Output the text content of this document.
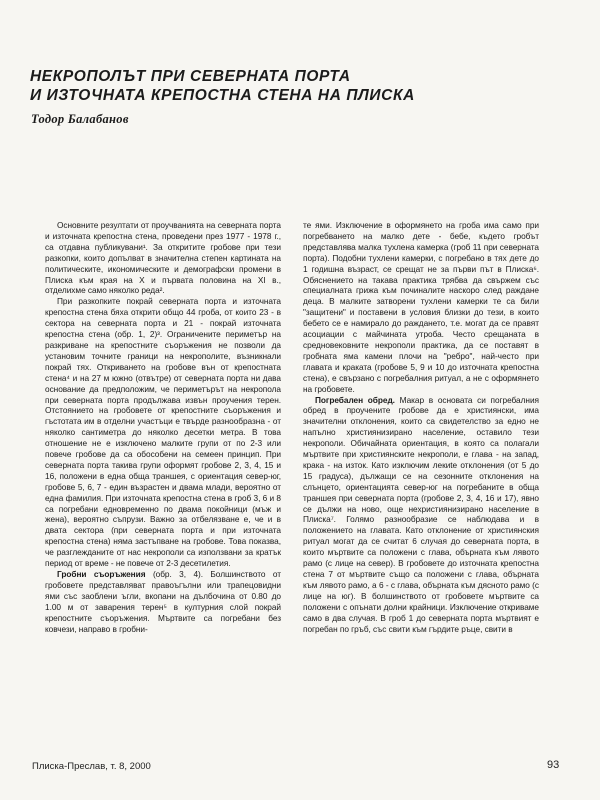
НЕКРОПОЛЪТ ПРИ СЕВЕРНАТА ПОРТА
И ИЗТОЧНАТА КРЕПОСТНА СТЕНА НА ПЛИСКА
Тодор Балабанов

Основните резултати от проучванията на северната порта и източната крепостна стена, проведени през 1977 - 1978 г., са отдавна публикувани¹. За откритите гробове при тези разкопки, които допълват в значителна степен картината на политическите, икономическите и демографски промени в Плиска към края на X и първата половина на XI в., отделихме само няколко реда².

При разкопките покрай северната порта и източната крепостна стена бяха открити общо 44 гроба, от които 23 - в сектора на северната порта и 21 - покрай източната крепостна стена (обр. 1, 2)³. Ограничените периметър на разкриване на крепостните съоръжения не позволи да установим точните граници на некрополите, възникнали покрай тях. Откриването на гробове вън от крепостната стена⁴ и на 27 м южно (отвътре) от северната порта ни дава основание да предположим, че периметърът на некропола при северната порта продължава извън проучения терен. Отстоянието на гробовете от крепостните съоръжения и гъстотата им в отделни участъци е твърде разнообразна - от няколко сантиметра до няколко десетки метра. В това отношение не е изключено малките групи от по 2-3 или повече гробове да са обособени на семеен принцип. При северната порта такива групи оформят гробове 2, 3, 4, 15 и 16, положени в една обща траншея, с ориентация север-юг, гробове 5, 6, 7 - един възрастен и двама млади, вероятно от една фамилия. При източната крепостна стена в гроб 3, 6 и 8 са погребани едновременно по двама покойници (мъж и жена), вероятно съпрузи. Важно за отбелязване е, че и в двата сектора (при северната порта и при източната крепостна стена) няма застъпване на гробове. Това показва, че разглежданите от нас некрополи са използвани за кратък период от време - не повече от 2-3 десетилетия.

Гробни съоръжения (обр. 3, 4). Болшинството от гробовете представляват правоъгълни или трапецовидни ями със заоблени ъгли, вкопани на дълбочина от 0.80 до 1.00 м от заварения терен⁵ в културния слой покрай крепостните съоръжения. Мъртвите са погребани без ковчези, направо в гробни-

те ями. Изключение в оформянето на гроба има само при погребването на малко дете - бебе, където гробът представлява малка тухлена камерка (гроб 11 при северната порта). Подобни тухлени камерки, с погребано в тях дете до 1 годишна възраст, се срещат не за първи път в Плиска⁶. Обяснението на такава практика трябва да свържем със специалната грижа към починалите наскоро след раждане деца. В малките затворени тухлени камерки те са били "защитени" и поставени в условия близки до тези, в които бебето се е намирало до раждането, т.е. могат да се правят асоциации с майчината утроба. Често срещаната в средновековните некрополи практика, да се поставят в гробната яма камени плочи на "ребро", най-често при главата и краката (гробове 5, 9 и 10 до източната крепостна стена), е свързано с погребалния ритуал, а не с оформянето на гробовете.

Погребален обред. Макар в основата си погребалния обред в проучените гробове да е християнски, има значителни отклонения, които са свидетелство за едно не напълно християнизирано население, оставило тези некрополи. Обичайната ориентация, в която са полагали мъртвите при християнските некрополи, е глава - на запад, крака - на изток. Като изключим лекиte отклонения (от 5 до 15 градуса), дължащи се на сезонните отклонения на слънцето, ориентацията север-юг на погребаните в обща траншея при северната порта (гробове 2, 3, 4, 16 и 17), явно се дължи на ново, още нехристиянизирано население в Плиска⁷. Голямо разнообразие се наблюдава и в положението на главата. Като отклонение от християнския ритуал могат да се считат 6 случая до северната порта, в които мъртвите са положени с глава, обърната към лявото рамо (с лице на север). В гробовете до източната крепостна стена 7 от мъртвите също са положени с глава, обърната към лявото рамо, а 6 - с глава, обърната към дясното рамо (с лице на юг). В болшинството от гробовете мъртвите са положени с опънати долни крайници. Изключение откриваме само в два случая. В гроб 1 до северната порта мъртвият е погребан по гръб, със свити към гърдите ръце, свити в

Плиска-Преслав, т. 8, 2000	93
